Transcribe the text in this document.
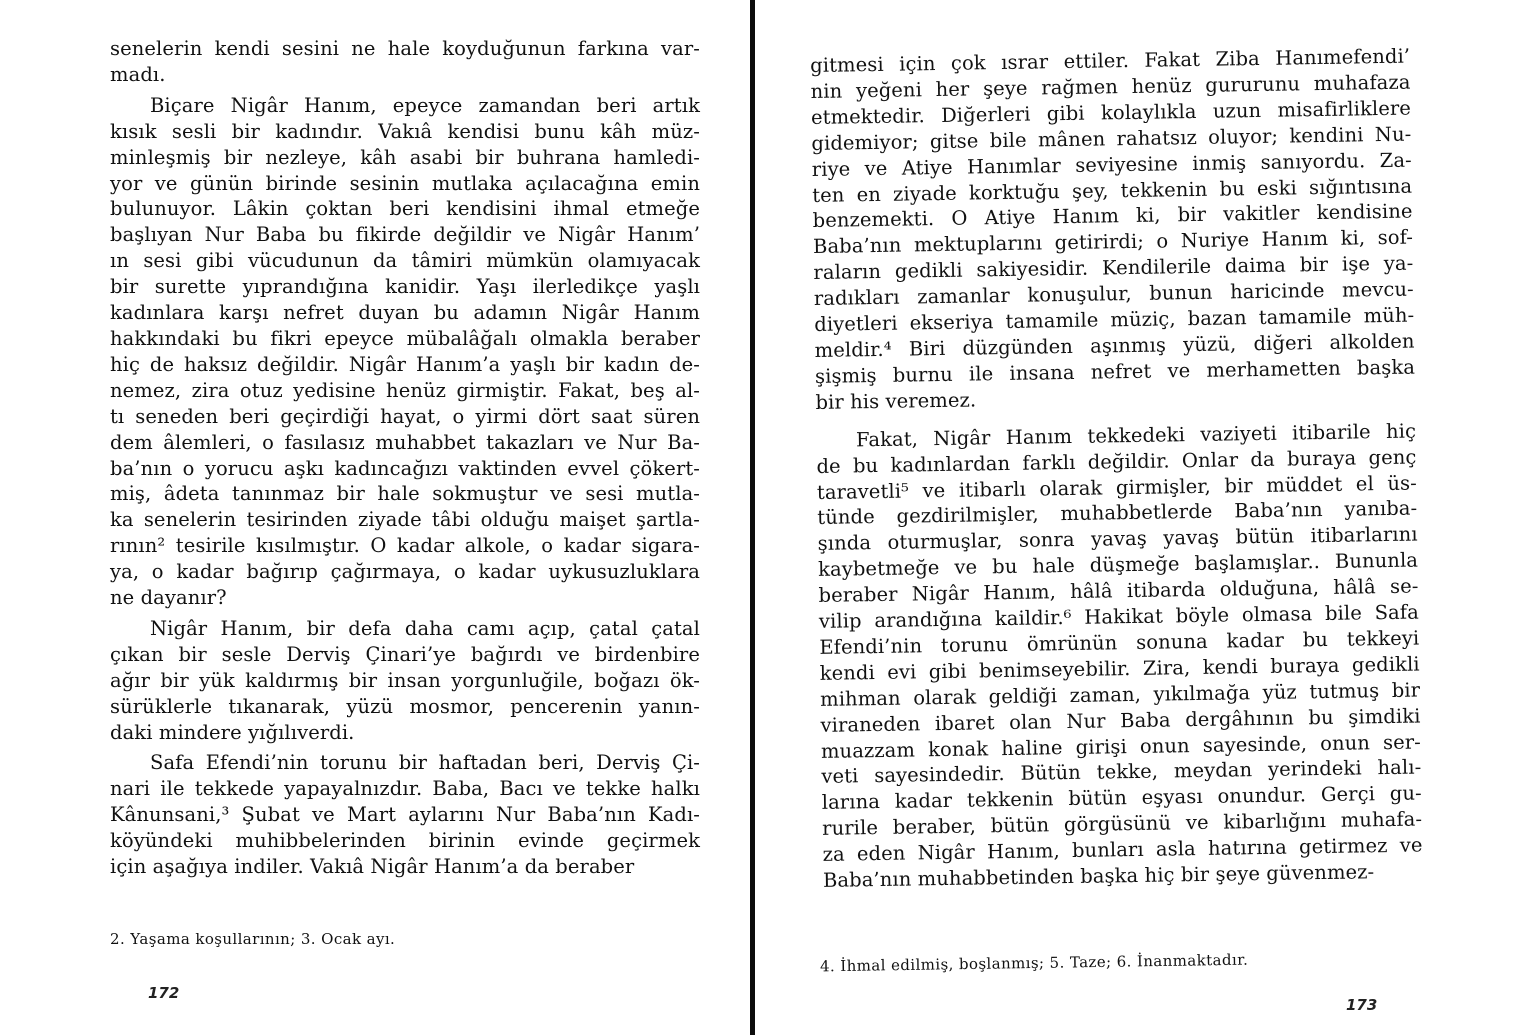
senelerin kendi sesini ne hale koyduğunun farkına var-
madı.
Biçare Nigâr Hanım, epeyce zamandan beri artık
kısık sesli bir kadındır. Vakıâ kendisi bunu kâh müz-
minleşmiş bir nezleye, kâh asabi bir buhrana hamledi-
yor ve günün birinde sesinin mutlaka açılacağına emin
bulunuyor. Lâkin çoktan beri kendisini ihmal etmeğe
başlıyan Nur Baba bu fikirde değildir ve Nigâr Hanım’
ın sesi gibi vücudunun da tâmiri mümkün olamıyacak
bir surette yıprandığına kanidir. Yaşı ilerledikçe yaşlı
kadınlara karşı nefret duyan bu adamın Nigâr Hanım
hakkındaki bu fikri epeyce mübalâğalı olmakla beraber
hiç de haksız değildir. Nigâr Hanım’a yaşlı bir kadın de-
nemez, zira otuz yedisine henüz girmiştir. Fakat, beş al-
tı seneden beri geçirdiği hayat, o yirmi dört saat süren
dem âlemleri, o fasılasız muhabbet takazları ve Nur Ba-
ba’nın o yorucu aşkı kadıncağızı vaktinden evvel çökert-
miş, âdeta tanınmaz bir hale sokmuştur ve sesi mutla-
ka senelerin tesirinden ziyade tâbi olduğu maişet şartla-
rının² tesirile kısılmıştır. O kadar alkole, o kadar sigara-
ya, o kadar bağırıp çağırmaya, o kadar uykusuzluklara
ne dayanır?
Nigâr Hanım, bir defa daha camı açıp, çatal çatal
çıkan bir sesle Derviş Çinari’ye bağırdı ve birdenbire
ağır bir yük kaldırmış bir insan yorgunluğile, boğazı ök-
sürüklerle tıkanarak, yüzü mosmor, pencerenin yanın-
daki mindere yığılıverdi.
Safa Efendi’nin torunu bir haftadan beri, Derviş Çi-
nari ile tekkede yapayalnızdır. Baba, Bacı ve tekke halkı
Kânunsani,³ Şubat ve Mart aylarını Nur Baba’nın Kadı-
köyündeki muhibbelerinden birinin evinde geçirmek
için aşağıya indiler. Vakıâ Nigâr Hanım’a da beraber
2. Yaşama koşullarının; 3. Ocak ayı.
172
gitmesi için çok ısrar ettiler. Fakat Ziba Hanımefendi’
nin yeğeni her şeye rağmen henüz gururunu muhafaza
etmektedir. Diğerleri gibi kolaylıkla uzun misafirliklere
gidemiyor; gitse bile mânen rahatsız oluyor; kendini Nu-
riye ve Atiye Hanımlar seviyesine inmiş sanıyordu. Za-
ten en ziyade korktuğu şey, tekkenin bu eski sığıntısına
benzemekti. O Atiye Hanım ki, bir vakitler kendisine
Baba’nın mektuplarını getirirdi; o Nuriye Hanım ki, sof-
raların gedikli sakiyesidir. Kendilerile daima bir işe ya-
radıkları zamanlar konuşulur, bunun haricinde mevcu-
diyetleri ekseriya tamamile müziç, bazan tamamile müh-
meldir.⁴ Biri düzgünden aşınmış yüzü, diğeri alkolden
şişmiş burnu ile insana nefret ve merhametten başka
bir his veremez.
Fakat, Nigâr Hanım tekkedeki vaziyeti itibarile hiç
de bu kadınlardan farklı değildir. Onlar da buraya genç
taravetli⁵ ve itibarlı olarak girmişler, bir müddet el üs-
tünde gezdirilmişler, muhabbetlerde Baba’nın yanıba-
şında oturmuşlar, sonra yavaş yavaş bütün itibarlarını
kaybetmeğe ve bu hale düşmeğe başlamışlar.. Bununla
beraber Nigâr Hanım, hâlâ itibarda olduğuna, hâlâ se-
vilip arandığına kaildir.⁶ Hakikat böyle olmasa bile Safa
Efendi’nin torunu ömrünün sonuna kadar bu tekkeyi
kendi evi gibi benimseyebilir. Zira, kendi buraya gedikli
mihman olarak geldiği zaman, yıkılmağa yüz tutmuş bir
viraneden ibaret olan Nur Baba dergâhının bu şimdiki
muazzam konak haline girişi onun sayesinde, onun ser-
veti sayesindedir. Bütün tekke, meydan yerindeki halı-
larına kadar tekkenin bütün eşyası onundur. Gerçi gu-
rurile beraber, bütün görgüsünü ve kibarlığını muhafa-
za eden Nigâr Hanım, bunları asla hatırına getirmez ve
Baba’nın muhabbetinden başka hiç bir şeye güvenmez-
4. İhmal edilmiş, boşlanmış; 5. Taze; 6. İnanmaktadır.
173
